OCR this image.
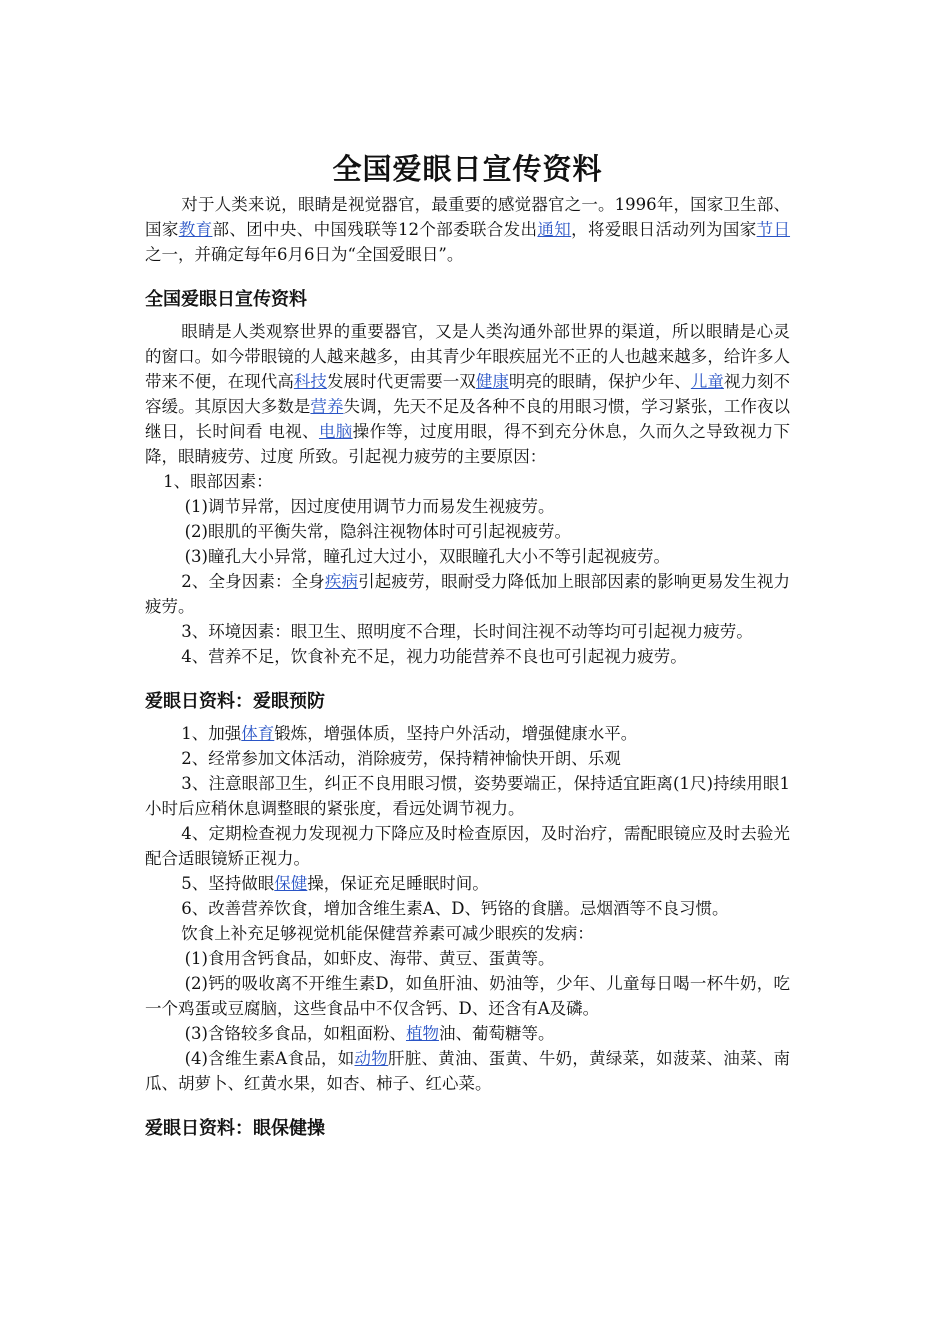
全国爱眼日宣传资料

对于人类来说，眼睛是视觉器官，最重要的感觉器官之一。1996年，国家卫生部、国家教育部、团中央、中国残联等12个部委联合发出通知，将爱眼日活动列为国家节日之一，并确定每年6月6日为“全国爱眼日”。

全国爱眼日宣传资料

眼睛是人类观察世界的重要器官，又是人类沟通外部世界的渠道，所以眼睛是心灵的窗口。如今带眼镜的人越来越多，由其青少年眼疾屈光不正的人也越来越多，给许多人带来不便，在现代高科技发展时代更需要一双健康明亮的眼睛，保护少年、儿童视力刻不容缓。其原因大多数是营养失调，先天不足及各种不良的用眼习惯，学习紧张，工作夜以继日，长时间看 电视、电脑操作等，过度用眼，得不到充分休息，久而久之导致视力下降，眼睛疲劳、过度 所致。引起视力疲劳的主要原因：

1、眼部因素：

(1)调节异常，因过度使用调节力而易发生视疲劳。

(2)眼肌的平衡失常，隐斜注视物体时可引起视疲劳。

(3)瞳孔大小异常，瞳孔过大过小，双眼瞳孔大小不等引起视疲劳。

2、全身因素：全身疾病引起疲劳，眼耐受力降低加上眼部因素的影响更易发生视力疲劳。

3、环境因素：眼卫生、照明度不合理，长时间注视不动等均可引起视力疲劳。

4、营养不足，饮食补充不足，视力功能营养不良也可引起视力疲劳。

爱眼日资料：爱眼预防

1、加强体育锻炼，增强体质，坚持户外活动，增强健康水平。

2、经常参加文体活动，消除疲劳，保持精神愉快开朗、乐观

3、注意眼部卫生，纠正不良用眼习惯，姿势要端正，保持适宜距离(1尺)持续用眼1小时后应稍休息调整眼的紧张度，看远处调节视力。

4、定期检查视力发现视力下降应及时检查原因，及时治疗，需配眼镜应及时去验光配合适眼镜矫正视力。

5、坚持做眼保健操，保证充足睡眠时间。

6、改善营养饮食，增加含维生素A、D、钙铬的食膳。忌烟酒等不良习惯。

饮食上补充足够视觉机能保健营养素可减少眼疾的发病：

(1)食用含钙食品，如虾皮、海带、黄豆、蛋黄等。

(2)钙的吸收离不开维生素D，如鱼肝油、奶油等，少年、儿童每日喝一杯牛奶，吃一个鸡蛋或豆腐脑，这些食品中不仅含钙、D、还含有A及磷。

(3)含铬较多食品，如粗面粉、植物油、葡萄糖等。

(4)含维生素A食品，如动物肝脏、黄油、蛋黄、牛奶，黄绿菜，如菠菜、油菜、南瓜、胡萝卜、红黄水果，如杏、柿子、红心菜。

爱眼日资料：眼保健操
